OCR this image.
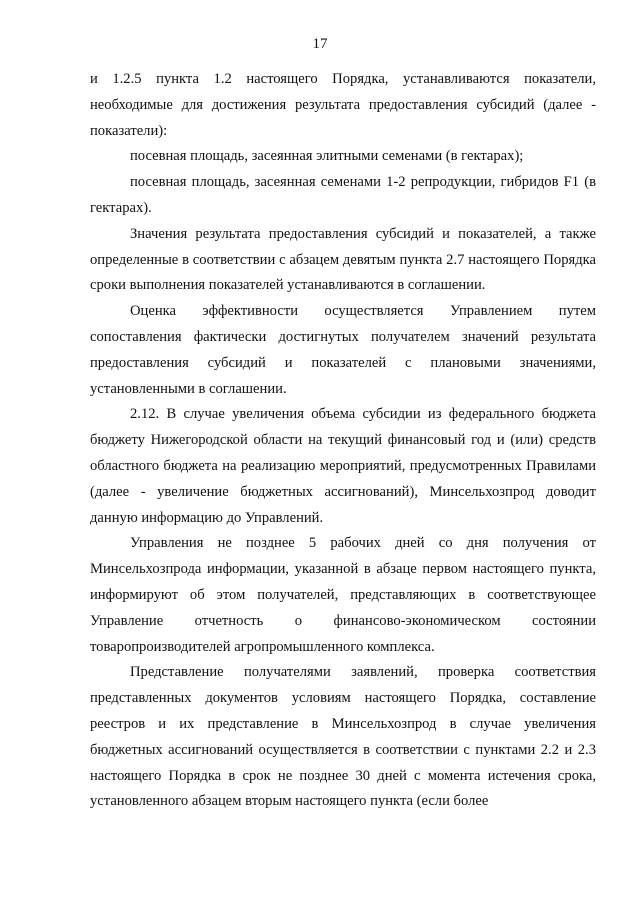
17

и 1.2.5 пункта 1.2 настоящего Порядка, устанавливаются показатели, необходимые для достижения результата предоставления субсидий (далее - показатели):

посевная площадь, засеянная элитными семенами (в гектарах);

посевная площадь, засеянная семенами 1-2 репродукции, гибридов F1 (в гектарах).

Значения результата предоставления субсидий и показателей, а также определенные в соответствии с абзацем девятым пункта 2.7 настоящего Порядка сроки выполнения показателей устанавливаются в соглашении.

Оценка эффективности осуществляется Управлением путем сопоставления фактически достигнутых получателем значений результата предоставления субсидий и показателей с плановыми значениями, установленными в соглашении.

2.12. В случае увеличения объема субсидии из федерального бюджета бюджету Нижегородской области на текущий финансовый год и (или) средств областного бюджета на реализацию мероприятий, предусмотренных Правилами (далее - увеличение бюджетных ассигнований), Минсельхозпрод доводит данную информацию до Управлений.

Управления не позднее 5 рабочих дней со дня получения от Минсельхозпрода информации, указанной в абзаце первом настоящего пункта, информируют об этом получателей, представляющих в соответствующее Управление отчетность о финансово-экономическом состоянии товаропроизводителей агропромышленного комплекса.

Представление получателями заявлений, проверка соответствия представленных документов условиям настоящего Порядка, составление реестров и их представление в Минсельхозпрод в случае увеличения бюджетных ассигнований осуществляется в соответствии с пунктами 2.2 и 2.3 настоящего Порядка в срок не позднее 30 дней с момента истечения срока, установленного абзацем вторым настоящего пункта (если более
